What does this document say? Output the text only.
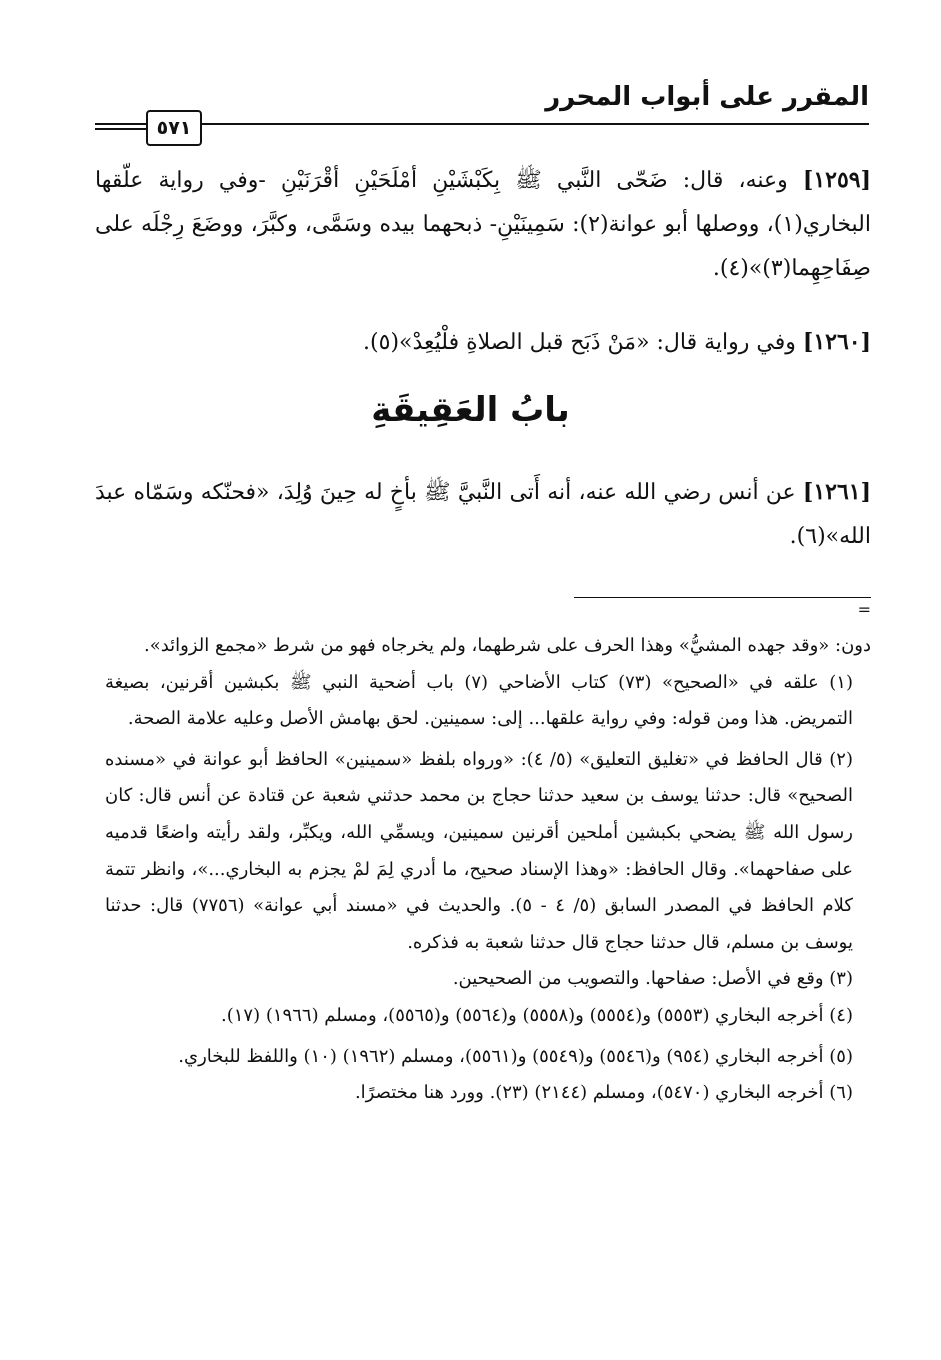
المقرر على أبواب المحرر
٥٧١
[١٢٥٩] وعنه، قال: ضَحّى النَّبي ﷺ بِكَبْشَيْنِ أمْلَحَيْنِ أقْرَنَيْنِ -وفي رواية علّقها البخاري(١)، ووصلها أبو عوانة(٢): سَمِينَيْنِ- ذبحهما بيده وسَمَّى، وكبَّرَ، ووضَعَ رِجْلَه على صِفَاحِهِما(٣)»(٤).
[١٢٦٠] وفي رواية قال: «مَنْ ذَبَح قبل الصلاةِ فلْيُعِدْ»(٥).
بابُ العَقِيقَةِ
[١٢٦١] عن أنس رضي الله عنه، أنه أَتى النَّبيَّ ﷺ بأخٍ له حِينَ وُلِدَ، «فحنّكه وسَمّاه عبدَ الله»(٦).
=

دون: «وقد جهده المشيُّ» وهذا الحرف على شرطهما، ولم يخرجاه فهو من شرط «مجمع الزوائد».

(١) علقه في «الصحيح» (٧٣) كتاب الأضاحي (٧) باب أضحية النبي ﷺ بكبشين أقرنين، بصيغة التمريض. هذا ومن قوله: وفي رواية علقها... إلى: سمينين. لحق بهامش الأصل وعليه علامة الصحة.

(٢) قال الحافظ في «تغليق التعليق» (٥/ ٤): «ورواه بلفظ «سمينين» الحافظ أبو عوانة في «مسنده الصحيح» قال: حدثنا يوسف بن سعيد حدثنا حجاج بن محمد حدثني شعبة عن قتادة عن أنس قال: كان رسول الله ﷺ يضحي بكبشين أملحين أقرنين سمينين، ويسمِّي الله، ويكبِّر، ولقد رأيته واضعًا قدميه على صفاحهما». وقال الحافظ: «وهذا الإسناد صحيح، ما أدري لِمَ لمْ يجزم به البخاري...»، وانظر تتمة كلام الحافظ في المصدر السابق (٥/ ٤ - ٥). والحديث في «مسند أبي عوانة» (٧٧٥٦) قال: حدثنا يوسف بن مسلم، قال حدثنا حجاج قال حدثنا شعبة به فذكره.

(٣) وقع في الأصل: صفاحها. والتصويب من الصحيحين.

(٤) أخرجه البخاري (٥٥٥٣) و(٥٥٥٤) و(٥٥٥٨) و(٥٥٦٤) و(٥٥٦٥)، ومسلم (١٩٦٦) (١٧).

(٥) أخرجه البخاري (٩٥٤) و(٥٥٤٦) و(٥٥٤٩) و(٥٥٦١)، ومسلم (١٩٦٢) (١٠) واللفظ للبخاري.

(٦) أخرجه البخاري (٥٤٧٠)، ومسلم (٢١٤٤) (٢٣). وورد هنا مختصرًا.
